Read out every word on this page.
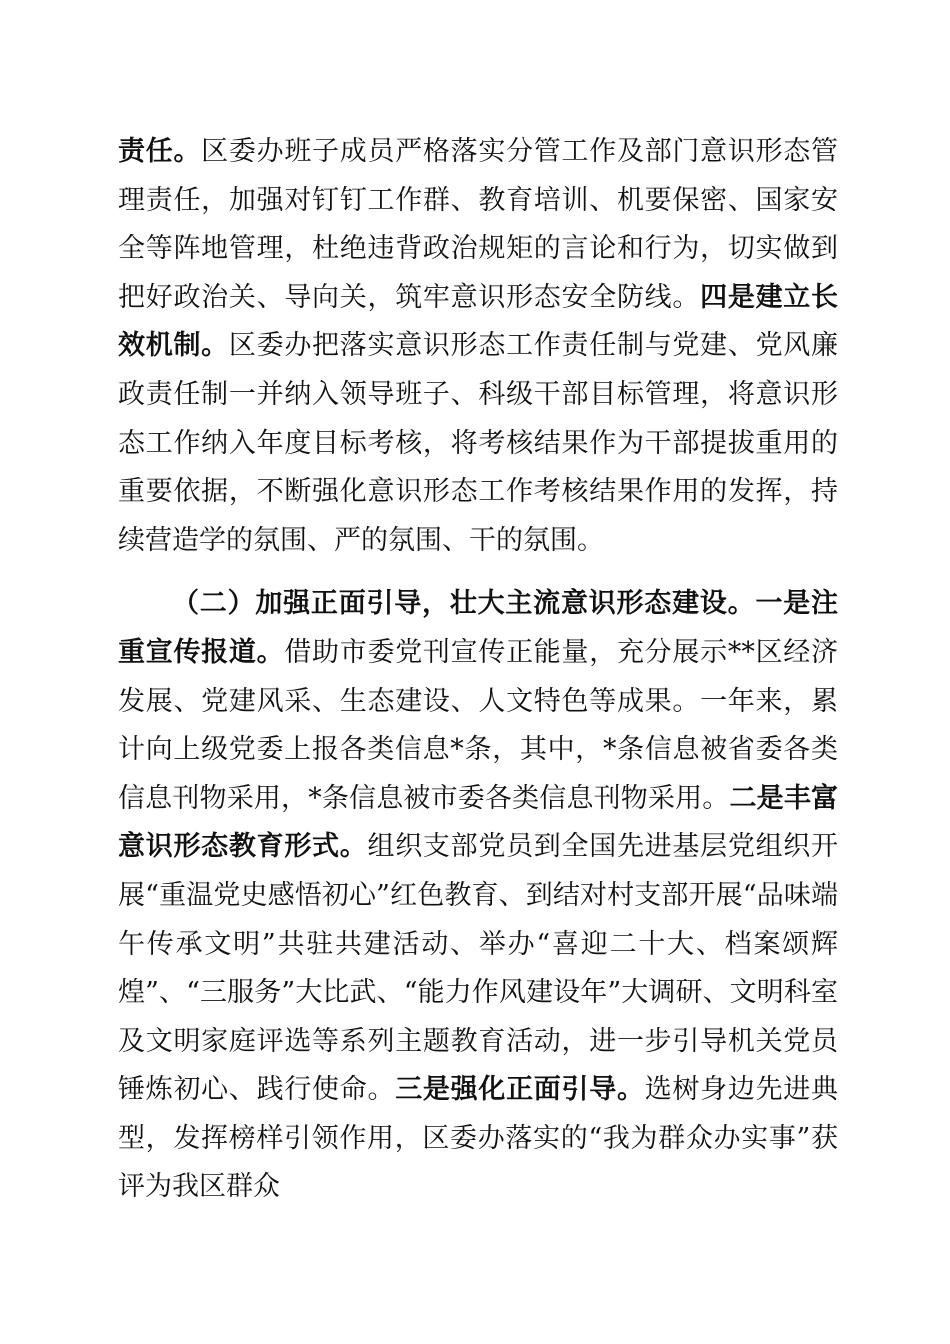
责任。区委办班子成员严格落实分管工作及部门意识形态管理责任，加强对钉钉工作群、教育培训、机要保密、国家安全等阵地管理，杜绝违背政治规矩的言论和行为，切实做到把好政治关、导向关，筑牢意识形态安全防线。四是建立长效机制。区委办把落实意识形态工作责任制与党建、党风廉政责任制一并纳入领导班子、科级干部目标管理，将意识形态工作纳入年度目标考核，将考核结果作为干部提拔重用的重要依据，不断强化意识形态工作考核结果作用的发挥，持续营造学的氛围、严的氛围、干的氛围。

（二）加强正面引导，壮大主流意识形态建设。一是注重宣传报道。借助市委党刊宣传正能量，充分展示**区经济发展、党建风采、生态建设、人文特色等成果。一年来，累计向上级党委上报各类信息*条，其中，*条信息被省委各类信息刊物采用，*条信息被市委各类信息刊物采用。二是丰富意识形态教育形式。组织支部党员到全国先进基层党组织开展“重温党史感悟初心”红色教育、到结对村支部开展“品味端午传承文明”共驻共建活动、举办“喜迎二十大、档案颂辉煌”、“三服务”大比武、“能力作风建设年”大调研、文明科室及文明家庭评选等系列主题教育活动，进一步引导机关党员锤炼初心、践行使命。三是强化正面引导。选树身边先进典型，发挥榜样引领作用，区委办落实的“我为群众办实事”获评为我区群众
